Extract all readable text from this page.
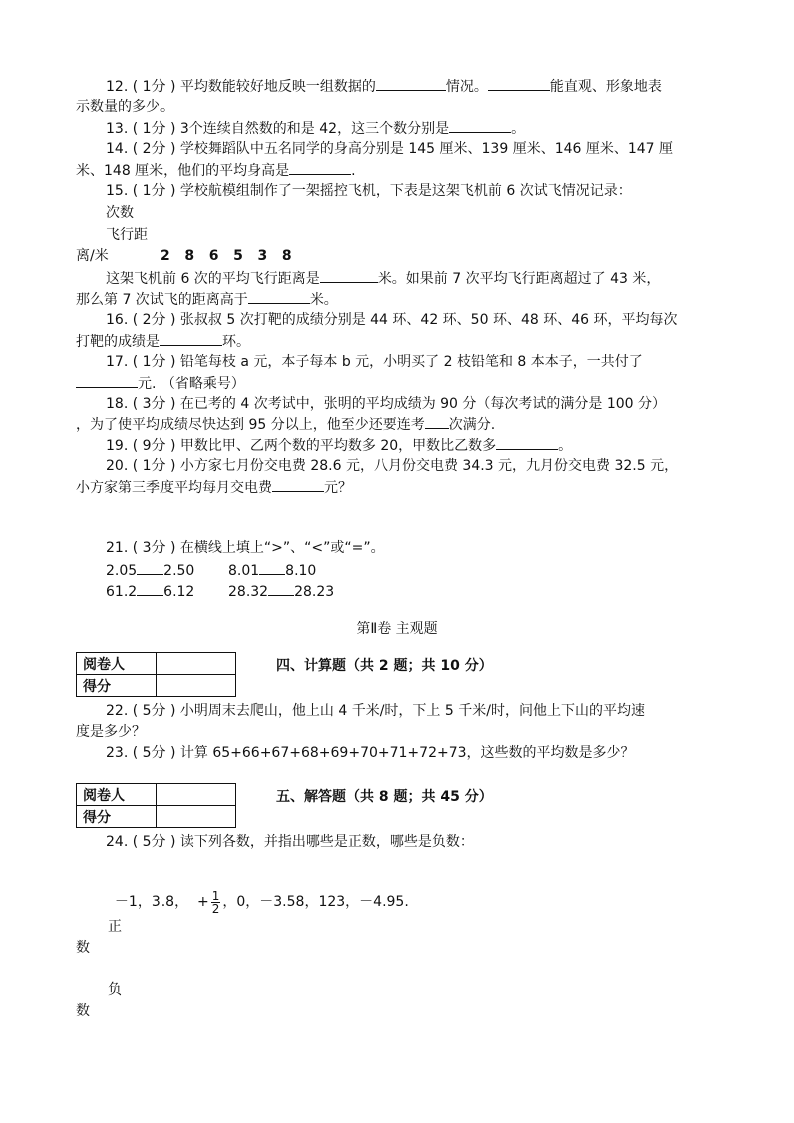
12. ( 1分 ) 平均数能较好地反映一组数据的	情况。	能直观、形象地表
示数量的多少。
13. ( 1分 ) 3个连续自然数的和是 42，这三个数分别是	。
14. ( 2分 ) 学校舞蹈队中五名同学的身高分别是 145 厘米、139 厘米、146 厘米、147 厘
米、148 厘米，他们的平均身高是	.
15. ( 1分 ) 学校航模组制作了一架摇控飞机，下表是这架飞机前 6 次试飞情况记录：
次数
飞行距
离/米	2   8   6   5   3   8
这架飞机前 6 次的平均飞行距离是	米。如果前 7 次平均飞行距离超过了 43 米，
那么第 7 次试飞的距离高于	米。
16. ( 2分 ) 张叔叔 5 次打靶的成绩分别是 44 环、42 环、50 环、48 环、46 环，平均每次
打靶的成绩是	环。
17. ( 1分 ) 铅笔每枝 a 元，本子每本 b 元，小明买了 2 枝铅笔和 8 本本子，一共付了
元. （省略乘号）
18. ( 3分 ) 在已考的 4 次考试中，张明的平均成绩为 90 分（每次考试的满分是 100 分）
，为了使平均成绩尽快达到 95 分以上，他至少还要连考 次满分.
19. ( 9分 ) 甲数比甲、乙两个数的平均数多 20，甲数比乙数多	。
20. ( 1分 ) 小方家七月份交电费 28.6 元，八月份交电费 34.3 元，九月份交电费 32.5 元，
小方家第三季度平均每月交电费	元？
21. ( 3分 ) 在横线上填上“>”、“<”或“=”。
2.05 2.50 8.01 8.10
61.2 6.12 28.32 28.23
第Ⅱ卷 主观题
阅卷人	
得分	
四、计算题（共 2 题；共 10 分）
22. ( 5分 ) 小明周末去爬山，他上山 4 千米/时，下上 5 千米/时，问他上下山的平均速
度是多少？
23. ( 5分 ) 计算 65+66+67+68+69+70+71+72+73，这些数的平均数是多少？
阅卷人	
得分	
五、解答题（共 8 题；共 45 分）
24. ( 5分 ) 读下列各数，并指出哪些是正数，哪些是负数：

－1，3.8，  + $\frac{1}{2}$ ，0，－3.58，123，－4.95.

正
数
负
数
